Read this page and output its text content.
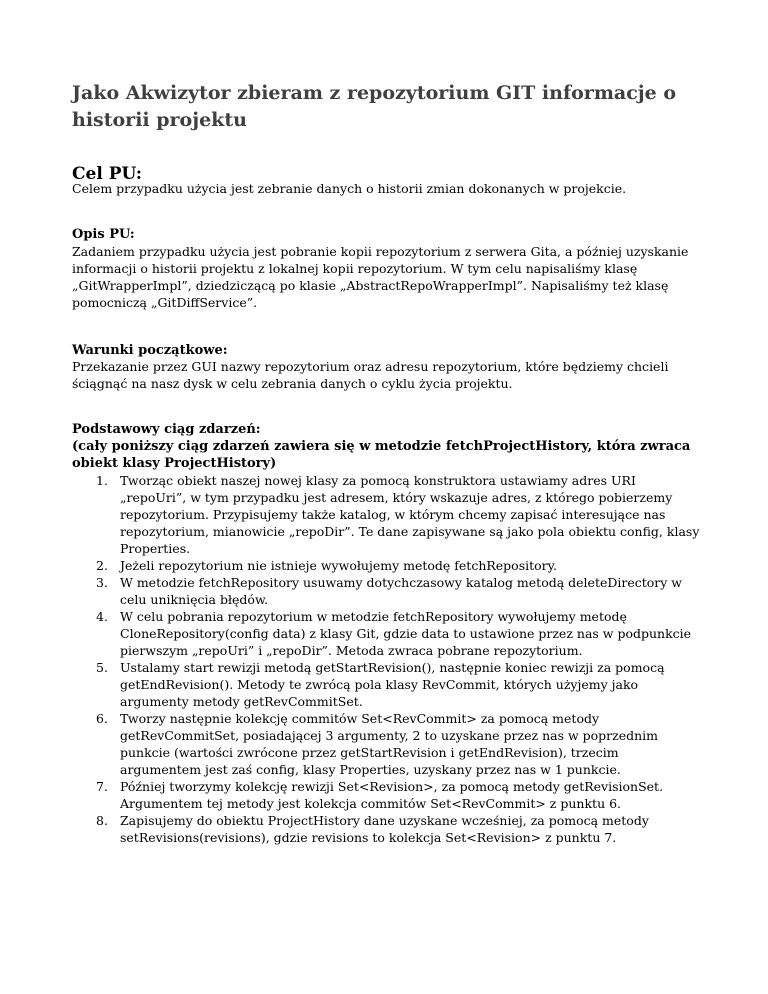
Jako Akwizytor zbieram z repozytorium GIT informacje o historii projektu
Cel PU:

Celem przypadku użycia jest zebranie danych o historii zmian dokonanych w projekcie.

Opis PU:

Zadaniem przypadku użycia jest pobranie kopii repozytorium z serwera Gita, a później uzyskanie informacji o historii projektu z lokalnej kopii repozytorium. W tym celu napisaliśmy klasę „GitWrapperImpl”, dziedziczącą po klasie „AbstractRepoWrapperImpl”. Napisaliśmy też klasę pomocniczą „GitDiffService”.

Warunki początkowe:

Przekazanie przez GUI nazwy repozytorium oraz adresu repozytorium, które będziemy chcieli ściągnąć na nasz dysk w celu zebrania danych o cyklu życia projektu.

Podstawowy ciąg zdarzeń:
(cały poniższy ciąg zdarzeń zawiera się w metodzie fetchProjectHistory, która zwraca obiekt klasy ProjectHistory)
1. Tworząc obiekt naszej nowej klasy za pomocą konstruktora ustawiamy adres URI „repoUri”, w tym przypadku jest adresem, który wskazuje adres, z którego pobierzemy repozytorium. Przypisujemy także katalog, w którym chcemy zapisać interesujące nas repozytorium, mianowicie „repoDir”. Te dane zapisywane są jako pola obiektu config, klasy Properties.
2. Jeżeli repozytorium nie istnieje wywołujemy metodę fetchRepository.
3. W metodzie fetchRepository usuwamy dotychczasowy katalog metodą deleteDirectory w celu uniknięcia błędów.
4. W celu pobrania repozytorium w metodzie fetchRepository wywołujemy metodę CloneRepository(config data) z klasy Git, gdzie data to ustawione przez nas w podpunkcie pierwszym „repoUri” i „repoDir”. Metoda zwraca pobrane repozytorium.
5. Ustalamy start rewizji metodą getStartRevision(), następnie koniec rewizji za pomocą getEndRevision(). Metody te zwrócą pola klasy RevCommit, których użyjemy jako argumenty metody getRevCommitSet.
6. Tworzy następnie kolekcję commitów Set<RevCommit> za pomocą metody getRevCommitSet, posiadającej 3 argumenty, 2 to uzyskane przez nas w poprzednim punkcie (wartości zwrócone przez getStartRevision i getEndRevision), trzecim argumentem jest zaś config, klasy Properties, uzyskany przez nas w 1 punkcie.
7. Później tworzymy kolekcję rewizji Set<Revision>, za pomocą metody getRevisionSet. Argumentem tej metody jest kolekcja commitów Set<RevCommit> z punktu 6.
8. Zapisujemy do obiektu ProjectHistory dane uzyskane wcześniej, za pomocą metody setRevisions(revisions), gdzie revisions to kolekcja Set<Revision> z punktu 7.
